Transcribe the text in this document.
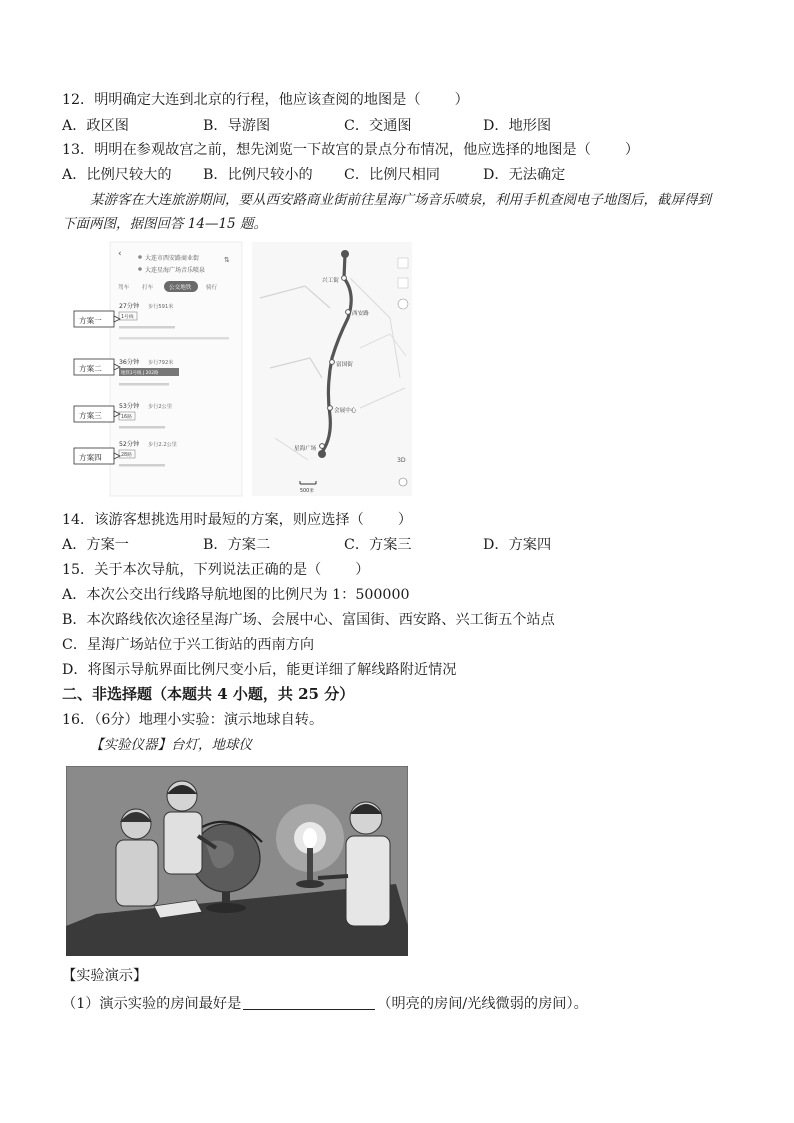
12．明明确定大连到北京的行程，他应该查阅的地图是（ ）
A．政区图	B．导游图	C．交通图	D．地形图
13．明明在参观故宫之前，想先浏览一下故宫的景点分布情况，他应选择的地图是（ ）
A．比例尺较大的 B．比例尺较小的 C．比例尺相同	D．无法确定
某游客在大连旅游期间，要从西安路商业街前往星海广场音乐喷泉，利用手机查阅电子地图后，截屏得到
下面两图，据图回答 14—15 题。
‹	大连市西安路商业街
大连星海广场音乐喷泉
⇅
驾车 打车	公交地铁	骑行
27分钟 步行591米
1号线
36分钟 步行792米
地铁1号线 | 202路
53分钟 步行2公里
16路
52分钟 步行2.2公里
28路
方案一
方案二
方案三
方案四
兴工街
西安路
富国街
会展中心
星海广场
3D
500米
14．该游客想挑选用时最短的方案，则应选择（ ）
A．方案一	B．方案二	C．方案三	D．方案四
15．关于本次导航，下列说法正确的是（ ）
A．本次公交出行线路导航地图的比例尺为 1：500000
B．本次路线依次途径星海广场、会展中心、富国街、西安路、兴工街五个站点
C．星海广场站位于兴工街站的西南方向
D．将图示导航界面比例尺变小后，能更详细了解线路附近情况
二、非选择题（本题共 4 小题，共 25 分）
16．（6分）地理小实验：演示地球自转。
【实验仪器】台灯，地球仪
【实验演示】
（1）演示实验的房间最好是	（明亮的房间/光线微弱的房间）。
